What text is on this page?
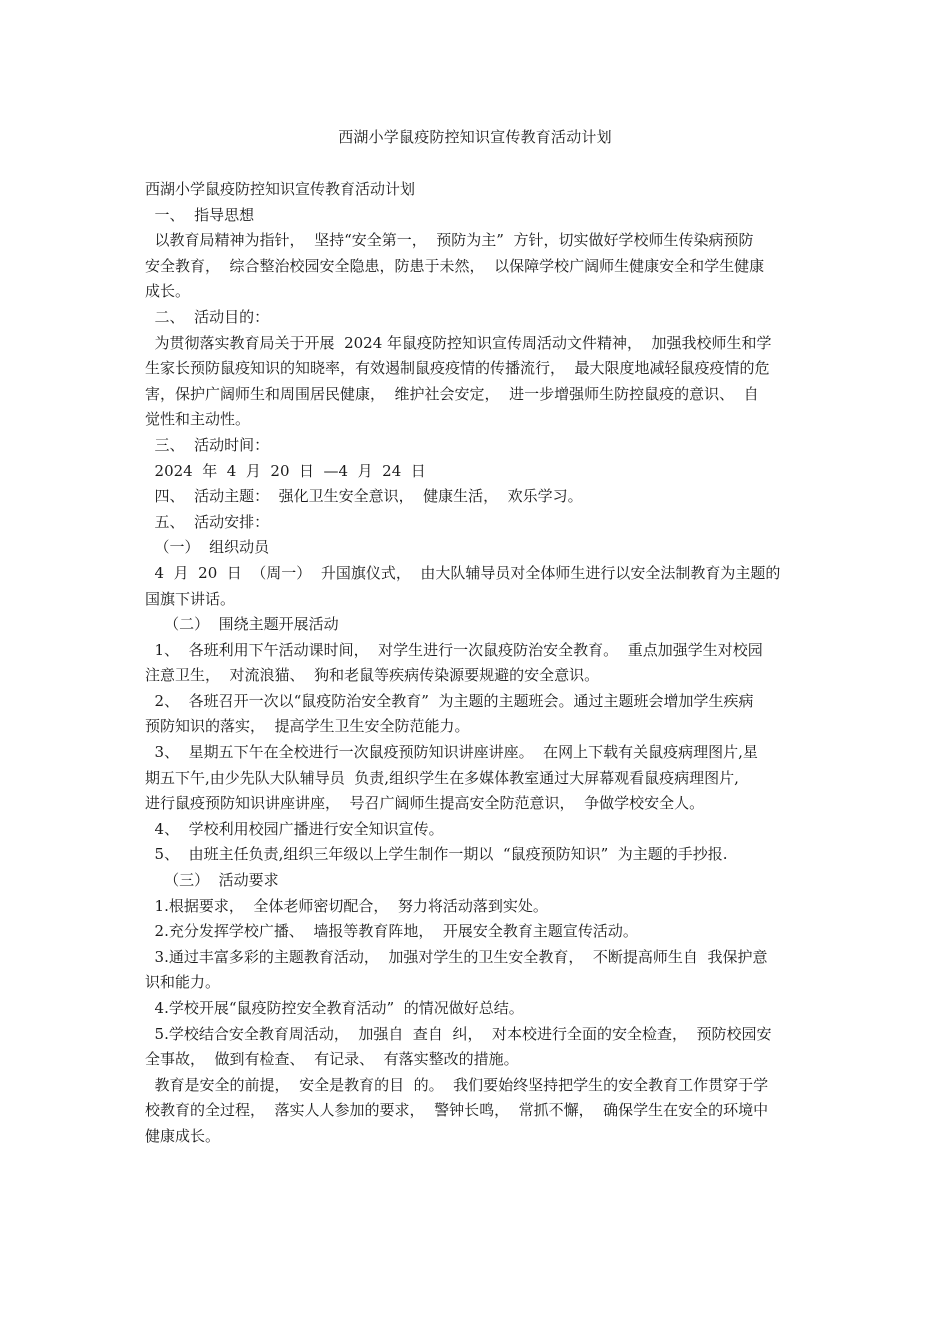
西湖小学鼠疫防控知识宣传教育活动计划
西湖小学鼠疫防控知识宣传教育活动计划
一、  指导思想
以教育局精神为指针，  坚持“安全第一，  预防为主”  方针，切实做好学校师生传染病预防
安全教育，  综合整治校园安全隐患，防患于未然，  以保障学校广阔师生健康安全和学生健康
成长。
二、  活动目的：
为贯彻落实教育局关于开展  2024 年鼠疫防控知识宣传周活动文件精神，  加强我校师生和学
生家长预防鼠疫知识的知晓率，有效遏制鼠疫疫情的传播流行，  最大限度地减轻鼠疫疫情的危
害，保护广阔师生和周围居民健康，  维护社会安定，  进一步增强师生防控鼠疫的意识、  自
觉性和主动性。
三、  活动时间：
2024  年  4  月  20  日  —4  月  24  日
四、  活动主题：  强化卫生安全意识，  健康生活，  欢乐学习。
五、  活动安排：
（一）  组织动员
4  月  20  日  （周一）  升国旗仪式，  由大队辅导员对全体师生进行以安全法制教育为主题的
国旗下讲话。
（二）  围绕主题开展活动
1、  各班利用下午活动课时间，  对学生进行一次鼠疫防治安全教育。  重点加强学生对校园
注意卫生，  对流浪猫、  狗和老鼠等疾病传染源要规避的安全意识。
2、  各班召开一次以“鼠疫防治安全教育”  为主题的主题班会。通过主题班会增加学生疾病
预防知识的落实，  提高学生卫生安全防范能力。
3、  星期五下午在全校进行一次鼠疫预防知识讲座讲座。  在网上下载有关鼠疫病理图片,星
期五下午,由少先队大队辅导员  负责,组织学生在多媒体教室通过大屏幕观看鼠疫病理图片,
进行鼠疫预防知识讲座讲座，  号召广阔师生提高安全防范意识，  争做学校安全人。
4、  学校利用校园广播进行安全知识宣传。
5、  由班主任负责,组织三年级以上学生制作一期以  “鼠疫预防知识”  为主题的手抄报.
（三）  活动要求
1.根据要求，  全体老师密切配合，  努力将活动落到实处。
2.充分发挥学校广播、  墙报等教育阵地，  开展安全教育主题宣传活动。
3.通过丰富多彩的主题教育活动，  加强对学生的卫生安全教育，  不断提高师生自  我保护意
识和能力。
4.学校开展“鼠疫防控安全教育活动”  的情况做好总结。
5.学校结合安全教育周活动，  加强自  查自  纠，  对本校进行全面的安全检查，  预防校园安
全事故，  做到有检查、  有记录、  有落实整改的措施。
教育是安全的前提，  安全是教育的目  的。  我们要始终坚持把学生的安全教育工作贯穿于学
校教育的全过程，  落实人人参加的要求，  警钟长鸣，  常抓不懈，  确保学生在安全的环境中
健康成长。
